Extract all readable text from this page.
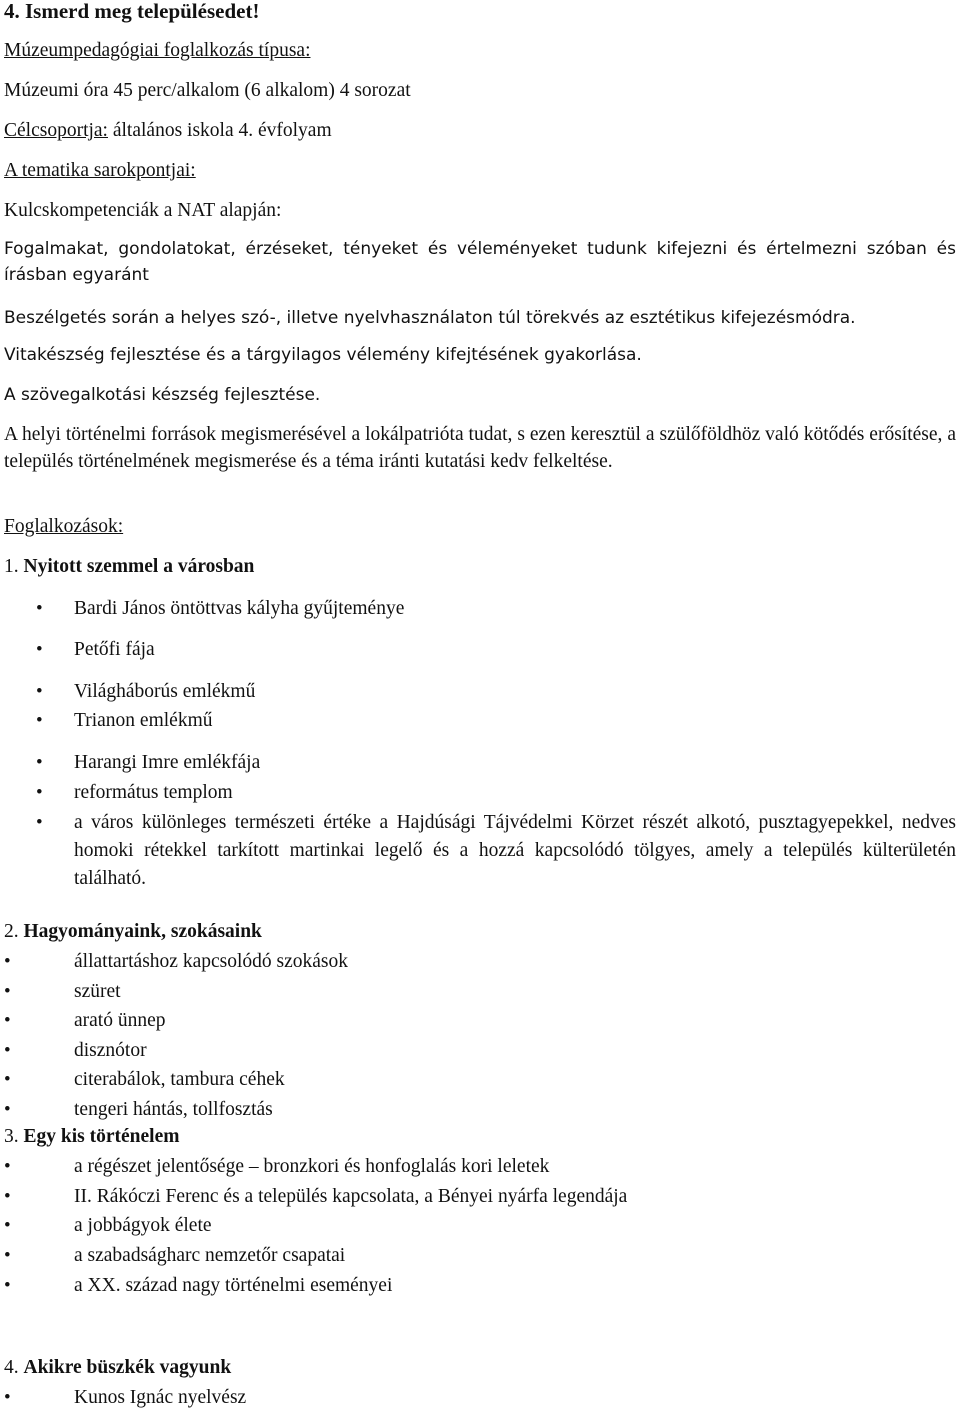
4. Ismerd meg településedet!
Múzeumpedagógiai foglalkozás típusa:
Múzeumi óra 45 perc/alkalom (6 alkalom) 4 sorozat
Célcsoportja: általános iskola 4. évfolyam
A tematika sarokpontjai:
Kulcskompetenciák a NAT alapján:
Fogalmakat, gondolatokat, érzéseket, tényeket és véleményeket tudunk kifejezni és értelmezni szóban és írásban egyaránt
Beszélgetés során a helyes szó-, illetve nyelvhasználaton túl törekvés az esztétikus kifejezésmódra.
Vitakészség fejlesztése és a tárgyilagos vélemény kifejtésének gyakorlása.
A szövegalkotási készség fejlesztése.
A helyi történelmi források megismerésével a lokálpatrióta tudat, s ezen keresztül a szülőföldhöz való kötődés erősítése, a település történelmének megismerése és a téma iránti kutatási kedv felkeltése.
Foglalkozások:
1. Nyitott szemmel a városban
• Bardi János öntöttvas kályha gyűjteménye
• Petőfi fája
• Világháborús emlékmű
• Trianon emlékmű
• Harangi Imre emlékfája
• református templom
• a város különleges természeti értéke a Hajdúsági Tájvédelmi Körzet részét alkotó, pusztagyepekkel, nedves homoki rétekkel tarkított martinkai legelő és a hozzá kapcsolódó tölgyes, amely a település külterületén található.
2. Hagyományaink, szokásaink
•	állattartáshoz kapcsolódó szokások
•	szüret
•	arató ünnep
•	disznótor
•	citerabálok, tambura céhek
•	tengeri hántás, tollfosztás
3. Egy kis történelem
•	a régészet jelentősége – bronzkori és honfoglalás kori leletek
•	II. Rákóczi Ferenc és a település kapcsolata, a Bényei nyárfa legendája
•	a jobbágyok élete
•	a szabadságharc nemzetőr csapatai
•	a XX. század nagy történelmi eseményei
4. Akikre büszkék vagyunk
•	Kunos Ignác nyelvész
